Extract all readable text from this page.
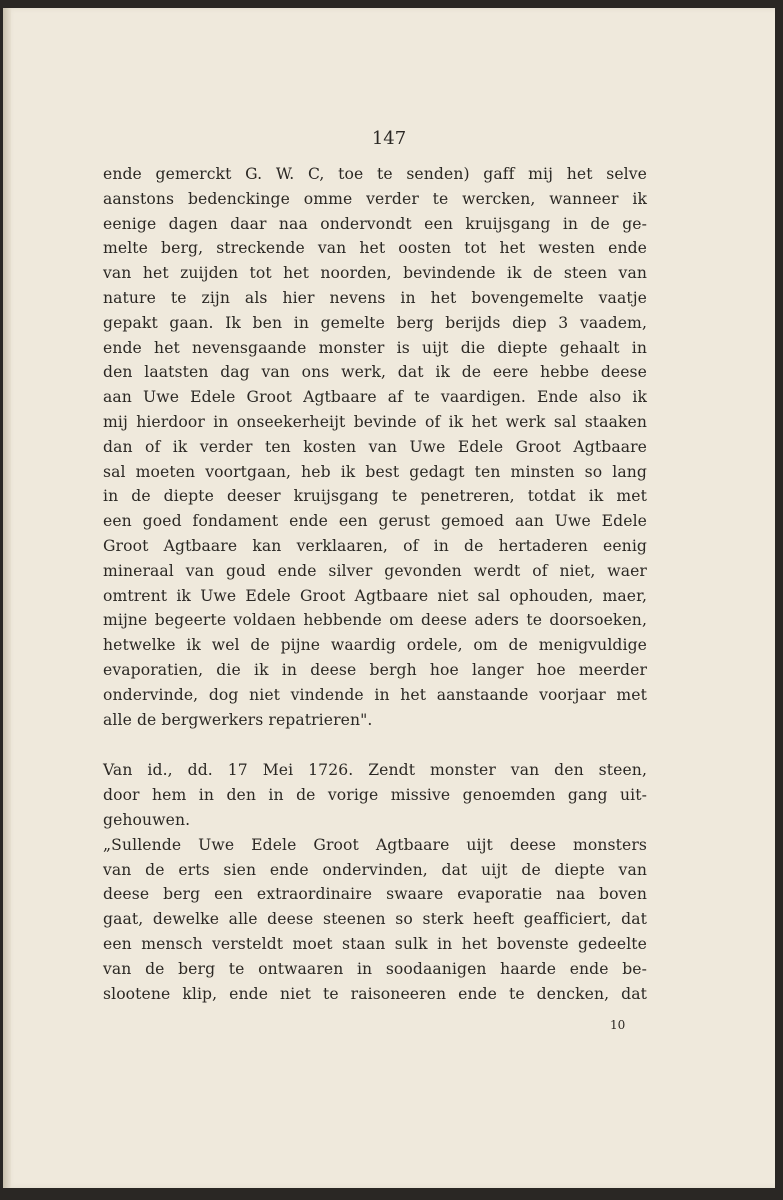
147
ende gemerckt G. W. C, toe te senden) gaff mij het selve
aanstons bedenckinge omme verder te wercken, wanneer ik
eenige dagen daar naa ondervondt een kruijsgang in de ge-
melte berg, streckende van het oosten tot het westen ende
van het zuijden tot het noorden, bevindende ik de steen van
nature te zijn als hier nevens in het bovengemelte vaatje
gepakt gaan. Ik ben in gemelte berg berijds diep 3 vaadem,
ende het nevensgaande monster is uijt die diepte gehaalt in
den laatsten dag van ons werk, dat ik de eere hebbe deese
aan Uwe Edele Groot Agtbaare af te vaardigen. Ende also ik
mij hierdoor in onseekerheijt bevinde of ik het werk sal staaken
dan of ik verder ten kosten van Uwe Edele Groot Agtbaare
sal moeten voortgaan, heb ik best gedagt ten minsten so lang
in de diepte deeser kruijsgang te penetreren, totdat ik met
een goed fondament ende een gerust gemoed aan Uwe Edele
Groot Agtbaare kan verklaaren, of in de hertaderen eenig
mineraal van goud ende silver gevonden werdt of niet, waer
omtrent ik Uwe Edele Groot Agtbaare niet sal ophouden, maer,
mijne begeerte voldaen hebbende om deese aders te doorsoeken,
hetwelke ik wel de pijne waardig ordele, om de menigvuldige
evaporatien, die ik in deese bergh hoe langer hoe meerder
ondervinde, dog niet vindende in het aanstaande voorjaar met
alle de bergwerkers repatrieren".
Van id., dd. 17 Mei 1726. Zendt monster van den steen,
door hem in den in de vorige missive genoemden gang uit-
gehouwen.
„Sullende Uwe Edele Groot Agtbaare uijt deese monsters
van de erts sien ende ondervinden, dat uijt de diepte van
deese berg een extraordinaire swaare evaporatie naa boven
gaat, dewelke alle deese steenen so sterk heeft geafficiert, dat
een mensch versteldt moet staan sulk in het bovenste gedeelte
van de berg te ontwaaren in soodaanigen haarde ende be-
slootene klip, ende niet te raisoneeren ende te dencken, dat
10
